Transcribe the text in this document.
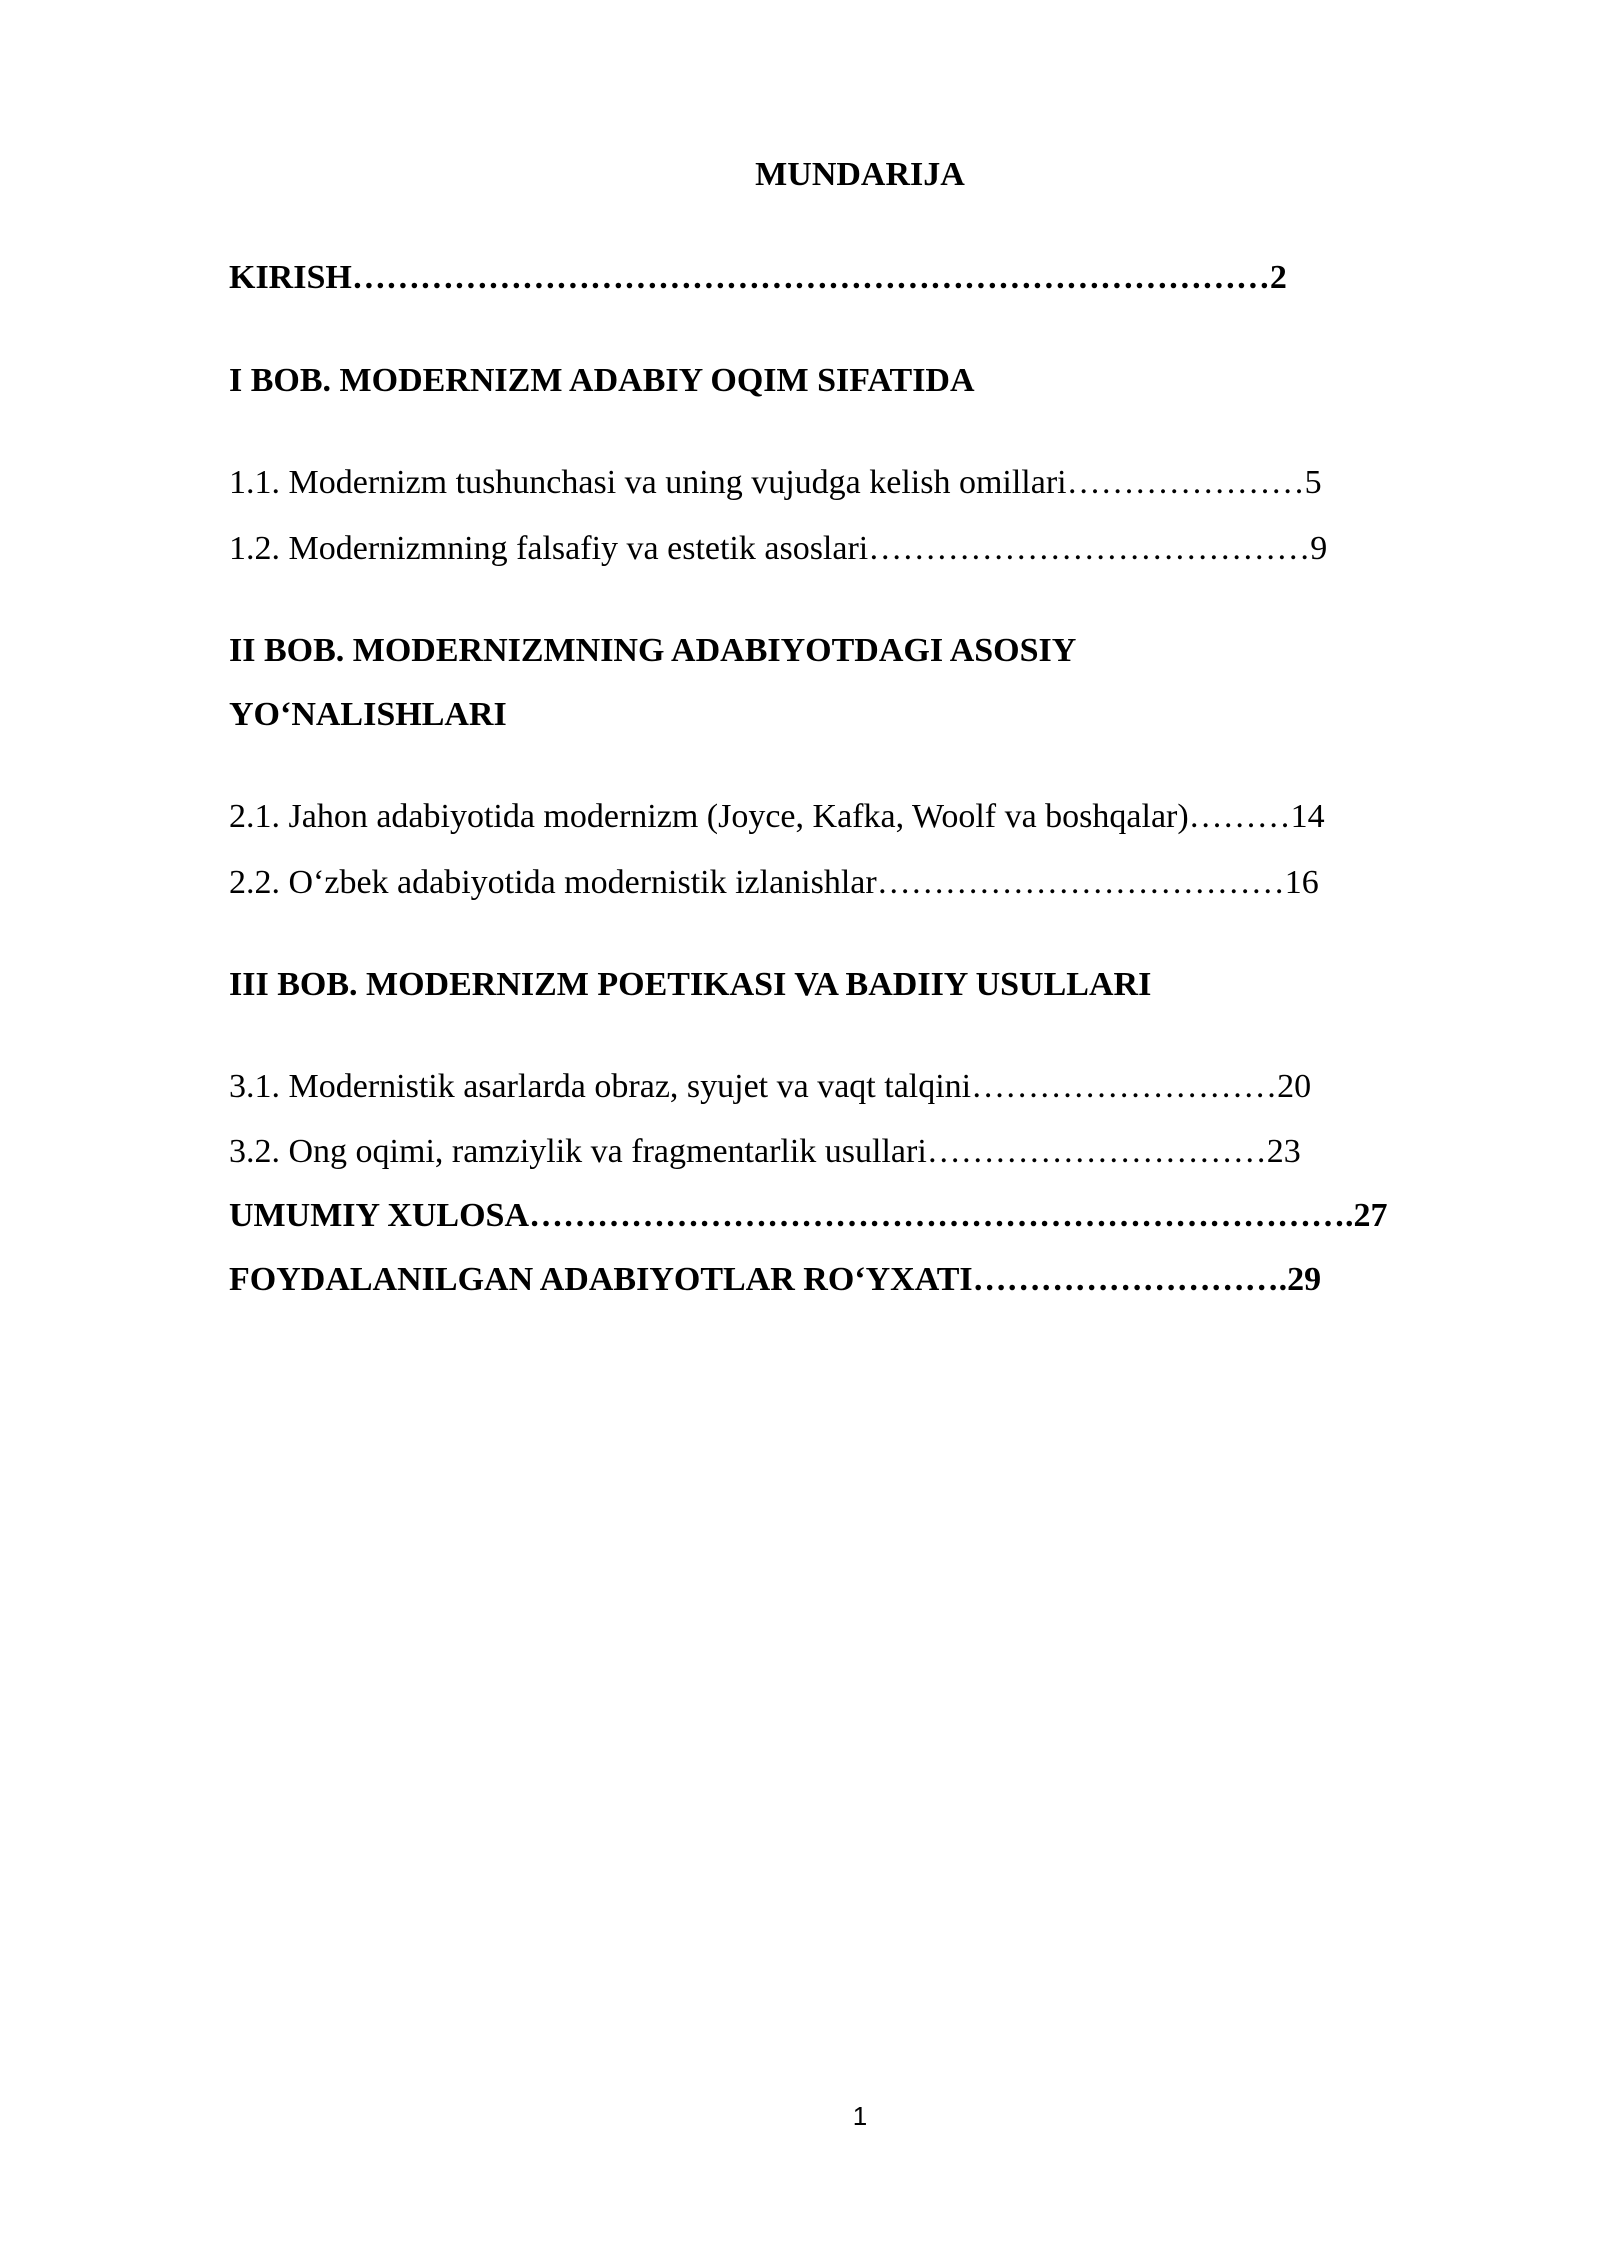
MUNDARIJA
KIRISH………………………………………………………………………2
I BOB. MODERNIZM ADABIY OQIM SIFATIDA
1.1. Modernizm tushunchasi va uning vujudga kelish omillari…………………5
1.2. Modernizmning falsafiy va estetik asoslari…………………………………9
II BOB. MODERNIZMNING ADABIYOTDAGI ASOSIY
YO‘NALISHLARI
2.1. Jahon adabiyotida modernizm (Joyce, Kafka, Woolf va boshqalar)………14
2.2. O‘zbek adabiyotida modernistik izlanishlar………………………………16
III BOB. MODERNIZM POETIKASI VA BADIIY USULLARI
3.1. Modernistik asarlarda obraz, syujet va vaqt talqini………………………20
3.2. Ong oqimi, ramziylik va fragmentarlik usullari…………………………23
UMUMIY XULOSA……………………………………………………………….27
FOYDALANILGAN ADABIYOTLAR RO‘YXATI……………………….29
1
